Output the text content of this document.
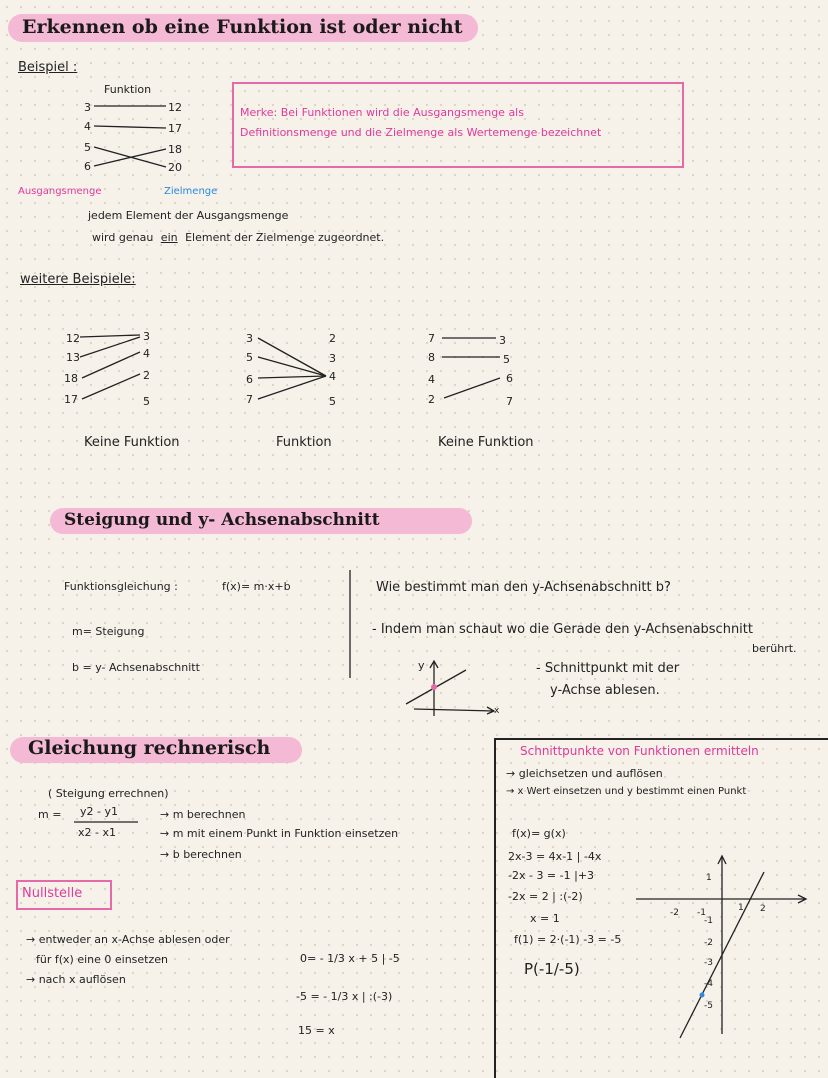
Erkennen ob eine Funktion ist oder nicht
Beispiel :
Funktion
3
4
5
6
12
17
18
20
Ausgangsmenge	Zielmenge
jedem Element der Ausgangsmenge
wird genau ein Element der Zielmenge zugeordnet.
Merke: Bei Funktionen wird die Ausgangsmenge als
Definitionsmenge und die Zielmenge als Wertemenge bezeichnet
weitere Beispiele:
12
13
18
17
3
4
2
5
Keine Funktion
3
5
6
7
2
3
4
5
Funktion
7
8
4
2
3
5
6
7
Keine Funktion
Steigung und y- Achsenabschnitt
Funktionsgleichung :	f(x)= m·x+b
m= Steigung
b = y- Achsenabschnitt
Wie bestimmt man den y-Achsenabschnitt b?
- Indem man schaut wo die Gerade den y-Achsenabschnitt
berührt.
y
x
- Schnittpunkt mit der
y-Achse ablesen.
Gleichung rechnerisch
( Steigung errechnen)
m = y2 - y1
x2 - x1
→ m berechnen
→ m mit einem Punkt in Funktion einsetzen
→ b berechnen
Nullstelle
→ entweder an x-Achse ablesen oder
für f(x) eine 0 einsetzen
→ nach x auflösen
0= - 1/3 x + 5 | -5
-5 = - 1/3 x | :(-3)
15 = x
Schnittpunkte von Funktionen ermitteln
→ gleichsetzen und auflösen
→ x Wert einsetzen und y bestimmt einen Punkt
f(x)= g(x)
2x-3 = 4x-1 | -4x
-2x - 3 = -1 |+3
-2x = 2 | :(-2)
x = 1
f(1) = 2·(-1) -3 = -5
P(-1/-5)
-2 -1	1 2
1
-1
-2
-3
-4
-5
